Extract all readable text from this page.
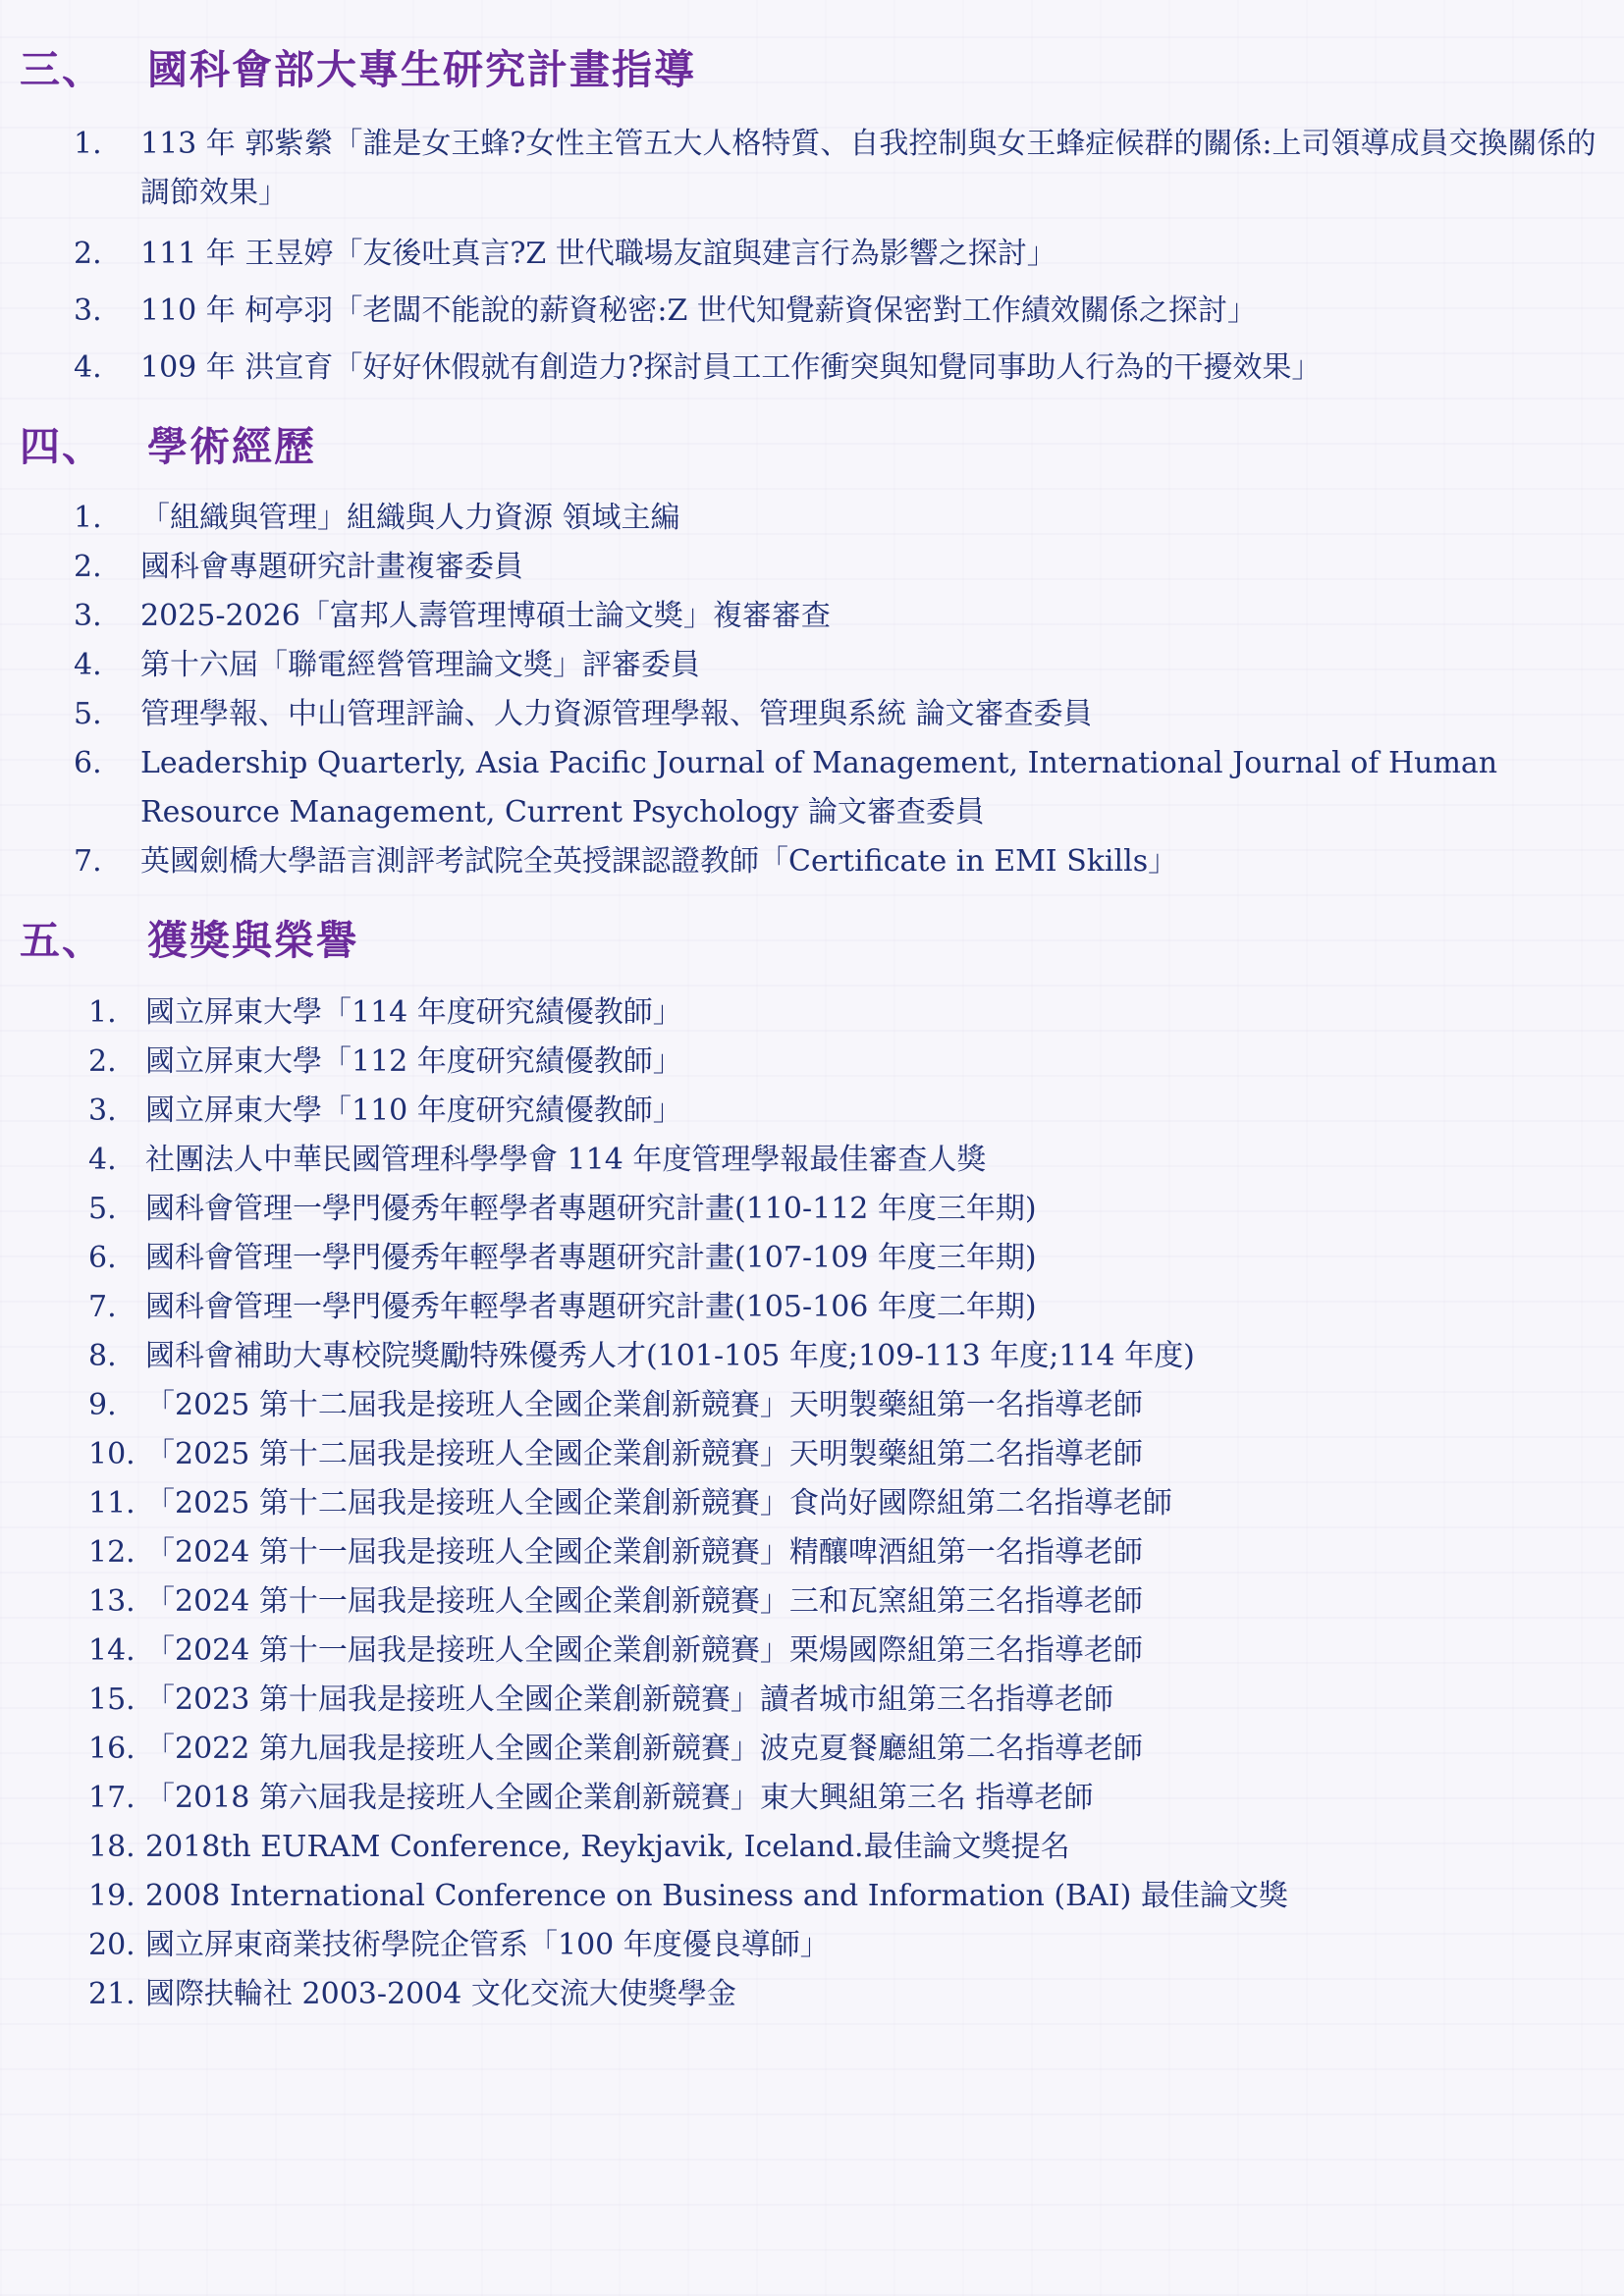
三、	國科會部大專生研究計畫指導
1. 113 年 郭紫縈「誰是女王蜂?女性主管五大人格特質、自我控制與女王蜂症候群的關係:上司領導成員交換關係的調節效果」
2. 111 年 王昱婷「友後吐真言?Z 世代職場友誼與建言行為影響之探討」
3. 110 年 柯亭羽「老闆不能說的薪資秘密:Z 世代知覺薪資保密對工作績效關係之探討」
4. 109 年 洪宣育「好好休假就有創造力?探討員工工作衝突與知覺同事助人行為的干擾效果」
四、	學術經歷
1. 「組織與管理」組織與人力資源 領域主編
2. 國科會專題研究計畫複審委員
3. 2025-2026「富邦人壽管理博碩士論文獎」複審審查
4. 第十六屆「聯電經營管理論文獎」評審委員
5. 管理學報、中山管理評論、人力資源管理學報、管理與系統 論文審查委員
6. Leadership Quarterly, Asia Pacific Journal of Management, International Journal of Human Resource Management, Current Psychology 論文審查委員
7. 英國劍橋大學語言測評考試院全英授課認證教師「Certificate in EMI Skills」
五、	獲獎與榮譽
1. 國立屏東大學「114 年度研究績優教師」
2. 國立屏東大學「112 年度研究績優教師」
3. 國立屏東大學「110 年度研究績優教師」
4. 社團法人中華民國管理科學學會 114 年度管理學報最佳審查人獎
5. 國科會管理一學門優秀年輕學者專題研究計畫(110-112 年度三年期)
6. 國科會管理一學門優秀年輕學者專題研究計畫(107-109 年度三年期)
7. 國科會管理一學門優秀年輕學者專題研究計畫(105-106 年度二年期)
8. 國科會補助大專校院獎勵特殊優秀人才(101-105 年度;109-113 年度;114 年度)
9. 「2025 第十二屆我是接班人全國企業創新競賽」天明製藥組第一名指導老師
10. 「2025 第十二屆我是接班人全國企業創新競賽」天明製藥組第二名指導老師
11. 「2025 第十二屆我是接班人全國企業創新競賽」食尚好國際組第二名指導老師
12. 「2024 第十一屆我是接班人全國企業創新競賽」精釀啤酒組第一名指導老師
13. 「2024 第十一屆我是接班人全國企業創新競賽」三和瓦窯組第三名指導老師
14. 「2024 第十一屆我是接班人全國企業創新競賽」栗煬國際組第三名指導老師
15. 「2023 第十屆我是接班人全國企業創新競賽」讀者城市組第三名指導老師
16. 「2022 第九屆我是接班人全國企業創新競賽」波克夏餐廳組第二名指導老師
17. 「2018 第六屆我是接班人全國企業創新競賽」東大興組第三名 指導老師
18. 2018th EURAM Conference, Reykjavik, Iceland.最佳論文獎提名
19. 2008 International Conference on Business and Information (BAI) 最佳論文獎
20. 國立屏東商業技術學院企管系「100 年度優良導師」
21. 國際扶輪社 2003-2004 文化交流大使獎學金
